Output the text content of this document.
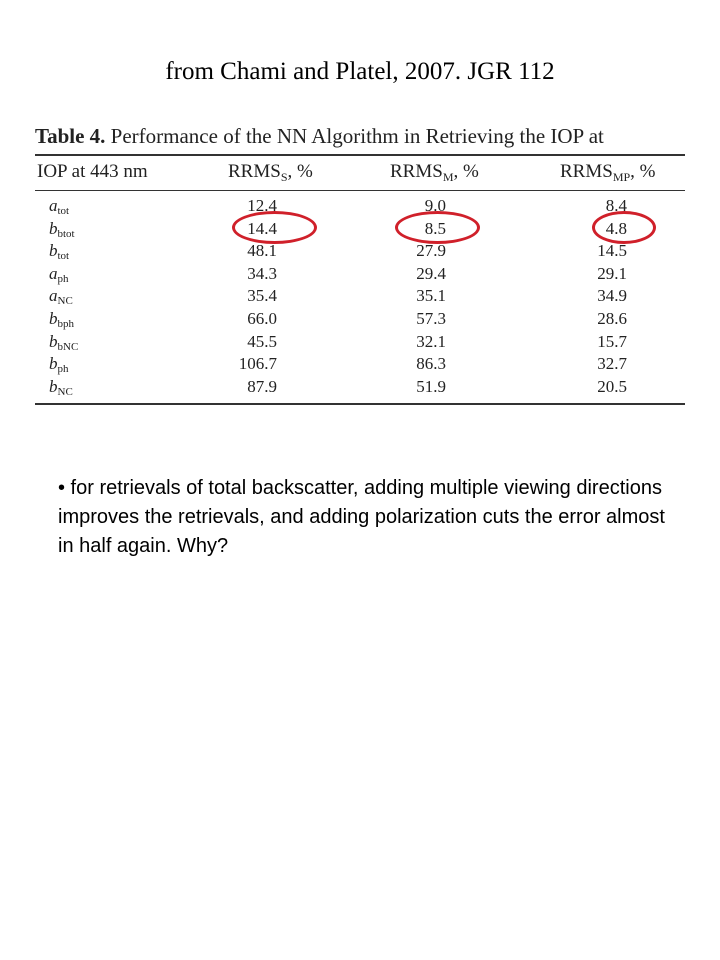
from Chami and Platel, 2007. JGR 112
Table 4. Performance of the NN Algorithm in Retrieving the IOP at
IOP at 443 nm	$RRMS_S$, %	$RRMS_M$, %	$RRMS_{MP}$, %
$a_{tot}$	12.4	9.0	8.4
$b_{btot}$	14.4	8.5	4.8
$b_{tot}$	48.1	27.9	14.5
$a_{ph}$	34.3	29.4	29.1
$a_{NC}$	35.4	35.1	34.9
$b_{bph}$	66.0	57.3	28.6
$b_{bNC}$	45.5	32.1	15.7
$b_{ph}$	106.7	86.3	32.7
$b_{NC}$	87.9	51.9	20.5
• for retrievals of total backscatter, adding multiple viewing directions improves the retrievals, and adding polarization cuts the error almost in half again. Why?
